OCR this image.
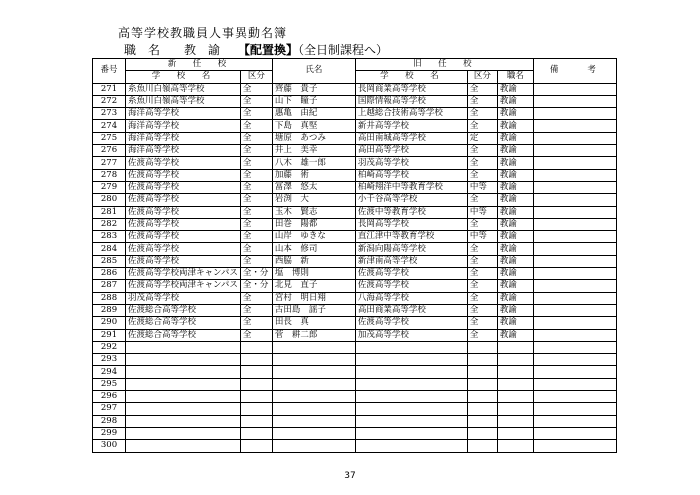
高等学校教職員人事異動名簿
職　名　　教　諭　　【配置換】（全日制課程へ）
番号	新　任　校		氏名	旧　任　校			備　　考
	学　校　名	区分		学　校　名	区分	職名	
271	糸魚川白嶺高等学校	全	齊藤　貴子	長岡商業高等学校	全	教諭	
272	糸魚川白嶺高等学校	全	山下　瞳子	国際情報高等学校	全	教諭	
273	海洋高等学校	全	惠亀　由紀	上越総合技術高等学校	全	教諭	
274	海洋高等学校	全	下島　真堅	新井高等学校	全	教諭	
275	海洋高等学校	全	塘原　あつみ	高田南城高等学校	定	教諭	
276	海洋高等学校	全	井上　美幸	高田高等学校	全	教諭	
277	佐渡高等学校	全	八木　雄一郎	羽茂高等学校	全	教諭	
278	佐渡高等学校	全	加藤　術	柏崎高等学校	全	教諭	
279	佐渡高等学校	全	冨澤　悠太	柏崎翔洋中等教育学校	中等	教諭	
280	佐渡高等学校	全	岩渕　大	小千谷高等学校	全	教諭	
281	佐渡高等学校	全	玉木　賢志	佐渡中等教育学校	中等	教諭	
282	佐渡高等学校	全	田巻　陽都	長岡高等学校	全	教諭	
283	佐渡高等学校	全	山岸　ゆきな	直江津中等教育学校	中等	教諭	
284	佐渡高等学校	全	山本　修司	新潟向陽高等学校	全	教諭	
285	佐渡高等学校	全	西脇　新	新津南高等学校	全	教諭	
286	佐渡高等学校両津キャンパス	全・分	塩　博則	佐渡高等学校	全	教諭	
287	佐渡高等学校両津キャンパス	全・分	北見　直子	佐渡高等学校	全	教諭	
288	羽茂高等学校	全	宮村　明日翔	八海高等学校	全	教諭	
289	佐渡総合高等学校	全	古田島　謡子	高田商業高等学校	全	教諭	
290	佐渡総合高等学校	全	田長　真	佐渡高等学校	全	教諭	
291	佐渡総合高等学校	全	菅　耕二郎	加茂高等学校	全	教諭	
292							
293							
294							
295							
296							
297							
298							
299							
300							
37
